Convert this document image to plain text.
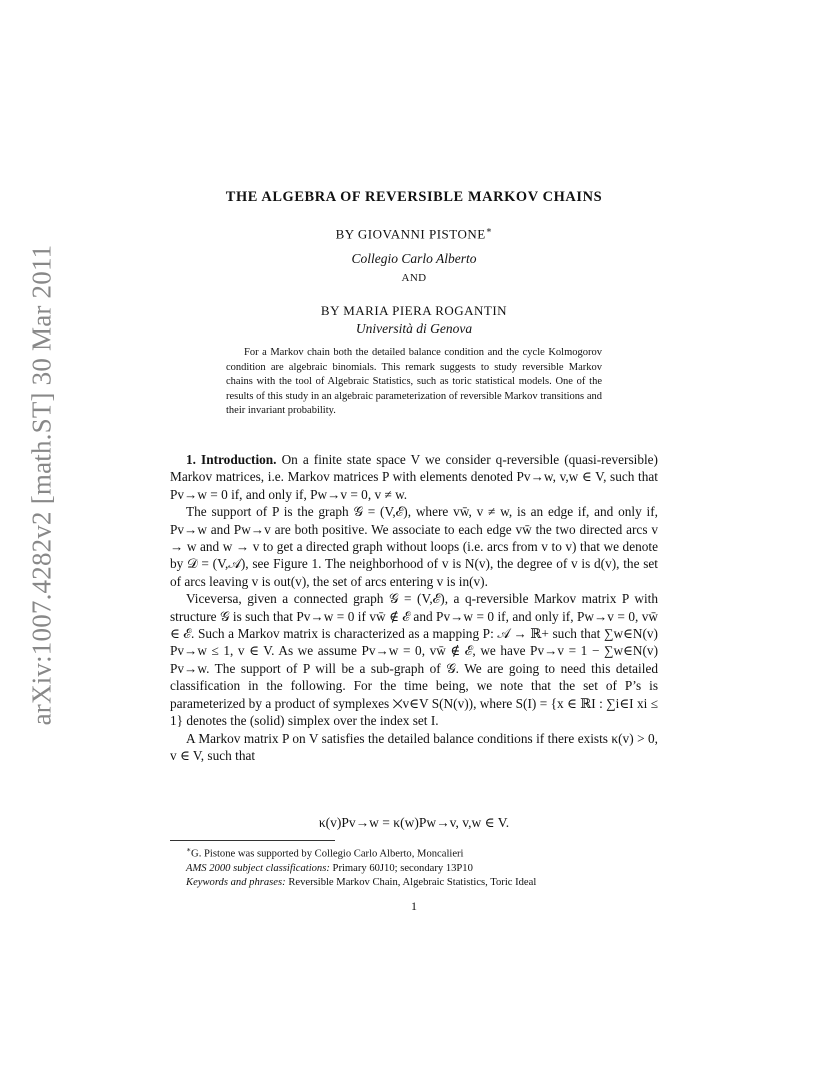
arXiv:1007.4282v2 [math.ST] 30 Mar 2011
THE ALGEBRA OF REVERSIBLE MARKOV CHAINS
BY GIOVANNI PISTONE∗
Collegio Carlo Alberto
AND
BY MARIA PIERA ROGANTIN
Università di Genova

For a Markov chain both the detailed balance condition and the cycle Kolmogorov condition are algebraic binomials. This remark suggests to study reversible Markov chains with the tool of Algebraic Statistics, such as toric statistical models. One of the results of this study in an algebraic parameterization of reversible Markov transitions and their invariant probability.

1. Introduction. On a finite state space V we consider q-reversible (quasi-reversible) Markov matrices, i.e. Markov matrices P with elements denoted Pv→w, v,w ∈ V, such that Pv→w = 0 if, and only if, Pw→v = 0, v ≠ w.

The support of P is the graph 𝒢 = (V,ℰ), where vw̄, v ≠ w, is an edge if, and only if, Pv→w and Pw→v are both positive. We associate to each edge vw̄ the two directed arcs v → w and w → v to get a directed graph without loops (i.e. arcs from v to v) that we denote by 𝒟 = (V,𝒜), see Figure 1. The neighborhood of v is N(v), the degree of v is d(v), the set of arcs leaving v is out(v), the set of arcs entering v is in(v).

Viceversa, given a connected graph 𝒢 = (V,ℰ), a q-reversible Markov matrix P with structure 𝒢 is such that Pv→w = 0 if vw̄ ∉ ℰ and Pv→w = 0 if, and only if, Pw→v = 0, vw̄ ∈ ℰ. Such a Markov matrix is characterized as a mapping P: 𝒜 → ℝ+ such that ∑w∈N(v) Pv→w ≤ 1, v ∈ V. As we assume Pv→w = 0, vw̄ ∉ ℰ, we have Pv→v = 1 − ∑w∈N(v) Pv→w. The support of P will be a sub-graph of 𝒢. We are going to need this detailed classification in the following. For the time being, we note that the set of P’s is parameterized by a product of symplexes ⨉v∈V S(N(v)), where S(I) = {x ∈ ℝI : ∑i∈I xi ≤ 1} denotes the (solid) simplex over the index set I.

A Markov matrix P on V satisfies the detailed balance conditions if there exists κ(v) > 0, v ∈ V, such that

κ(v)Pv→w = κ(w)Pw→v, v,w ∈ V.
∗G. Pistone was supported by Collegio Carlo Alberto, Moncalieri
AMS 2000 subject classifications: Primary 60J10; secondary 13P10
Keywords and phrases: Reversible Markov Chain, Algebraic Statistics, Toric Ideal
1
